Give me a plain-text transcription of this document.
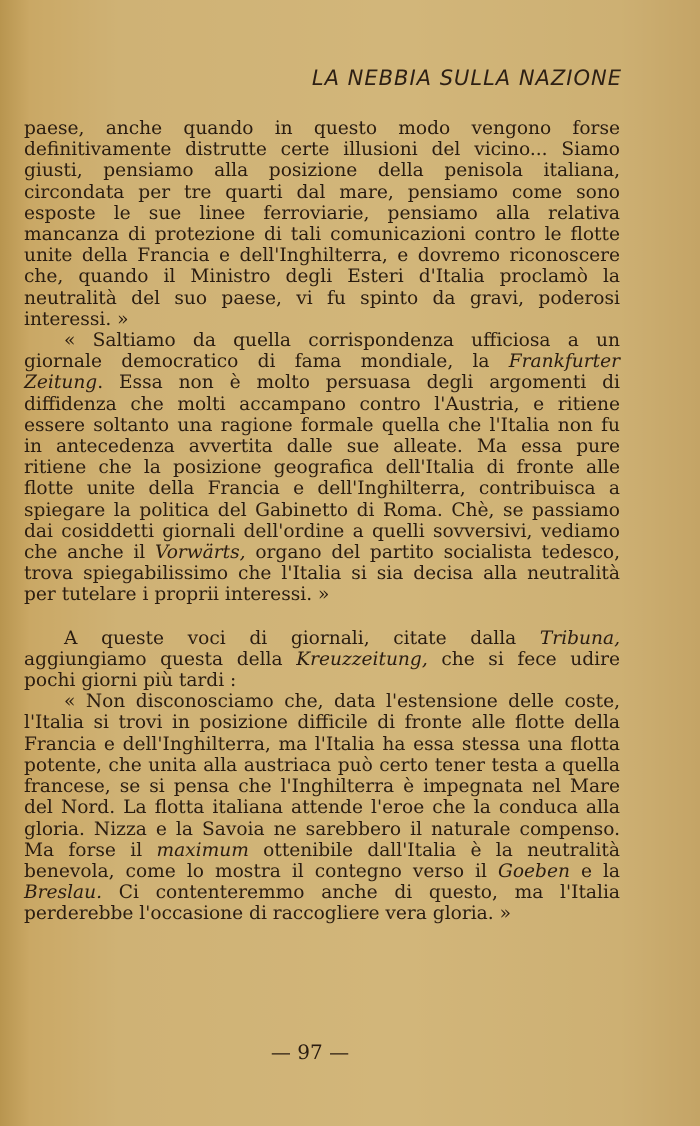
LA NEBBIA SULLA NAZIONE

paese, anche quando in questo modo vengono forse definitivamente distrutte certe illusioni del vicino... Siamo giusti, pensiamo alla posizione della penisola italiana, circondata per tre quarti dal mare, pensiamo come sono esposte le sue linee ferroviarie, pensiamo alla relativa mancanza di protezione di tali comunicazioni contro le flotte unite della Francia e dell'Inghilterra, e dovremo riconoscere che, quando il Ministro degli Esteri d'Italia proclamò la neutralità del suo paese, vi fu spinto da gravi, poderosi interessi. »

« Saltiamo da quella corrispondenza ufficiosa a un giornale democratico di fama mondiale, la Frankfurter Zeitung. Essa non è molto persuasa degli argomenti di diffidenza che molti accampano contro l'Austria, e ritiene essere soltanto una ragione formale quella che l'Italia non fu in antecedenza avvertita dalle sue alleate. Ma essa pure ritiene che la posizione geografica dell'Italia di fronte alle flotte unite della Francia e dell'Inghilterra, contribuisca a spiegare la politica del Gabinetto di Roma. Chè, se passiamo dai cosiddetti giornali dell'ordine a quelli sovversivi, vediamo che anche il Vorwärts, organo del partito socialista tedesco, trova spiegabilissimo che l'Italia si sia decisa alla neutralità per tutelare i proprii interessi. »

A queste voci di giornali, citate dalla Tribuna, aggiungiamo questa della Kreuzzeitung, che si fece udire pochi giorni più tardi :

« Non disconosciamo che, data l'estensione delle coste, l'Italia si trovi in posizione difficile di fronte alle flotte della Francia e dell'Inghilterra, ma l'Italia ha essa stessa una flotta potente, che unita alla austriaca può certo tener testa a quella francese, se si pensa che l'Inghilterra è impegnata nel Mare del Nord. La flotta italiana attende l'eroe che la conduca alla gloria. Nizza e la Savoia ne sarebbero il naturale compenso. Ma forse il maximum ottenibile dall'Italia è la neutralità benevola, come lo mostra il contegno verso il Goeben e la Breslau. Ci contenteremmo anche di questo, ma l'Italia perderebbe l'occasione di raccogliere vera gloria. »

— 97 —
